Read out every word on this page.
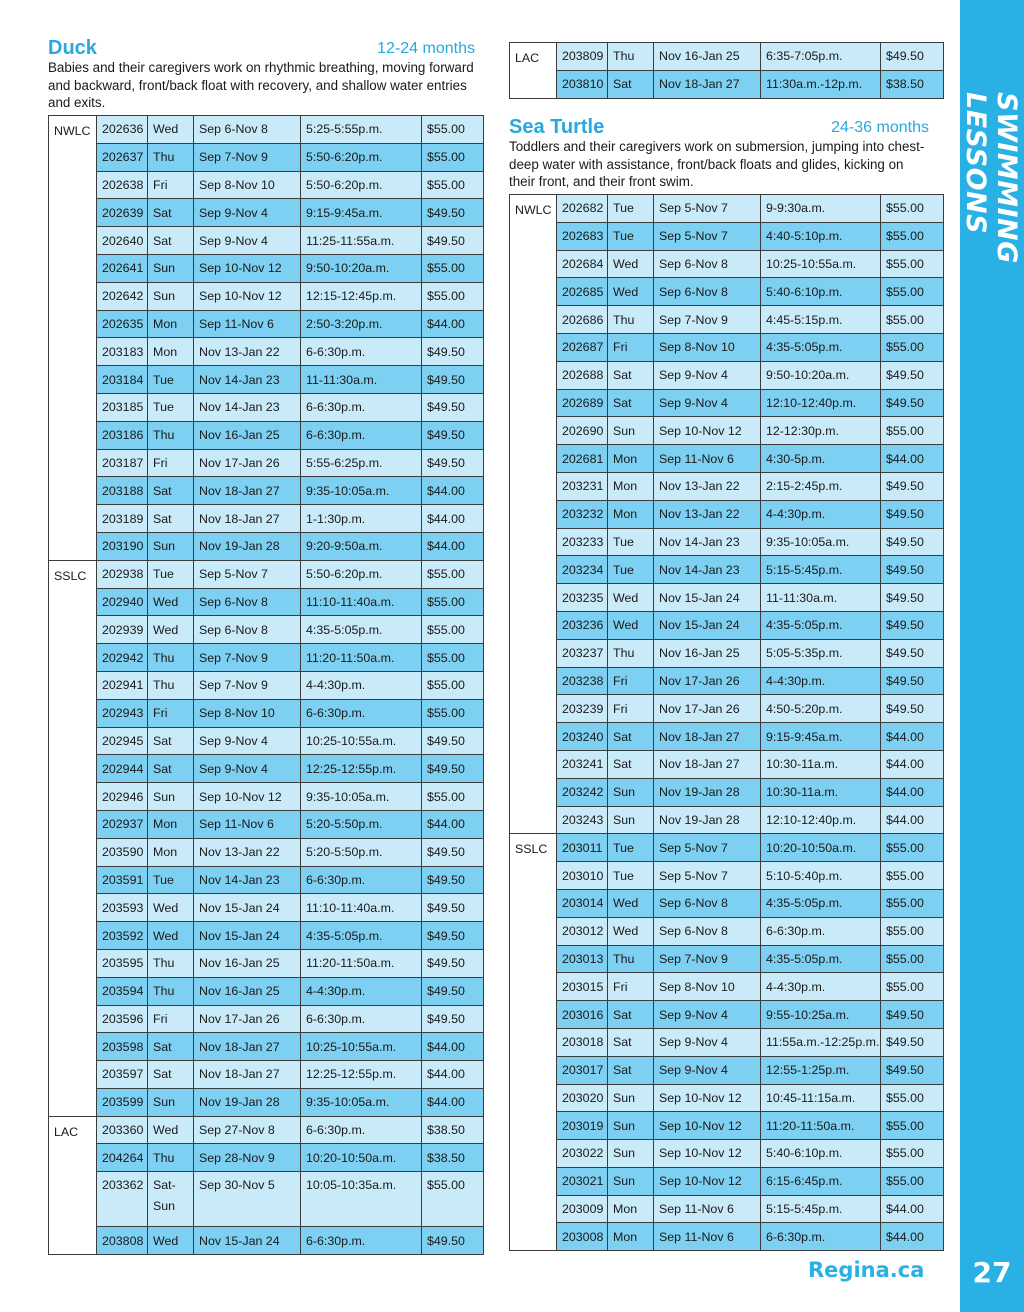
SWIMMING LESSONS
27
Regina.ca
Duck	12-24 months
Babies and their caregivers work on rhythmic breathing, moving forward and backward, front/back float with recovery, and shallow water entries and exits.
NWLC	202636	Wed	Sep 6-Nov 8	5:25-5:55p.m.	$55.00
	202637	Thu	Sep 7-Nov 9	5:50-6:20p.m.	$55.00
	202638	Fri	Sep 8-Nov 10	5:50-6:20p.m.	$55.00
	202639	Sat	Sep 9-Nov 4	9:15-9:45a.m.	$49.50
	202640	Sat	Sep 9-Nov 4	11:25-11:55a.m.	$49.50
	202641	Sun	Sep 10-Nov 12	9:50-10:20a.m.	$55.00
	202642	Sun	Sep 10-Nov 12	12:15-12:45p.m.	$55.00
	202635	Mon	Sep 11-Nov 6	2:50-3:20p.m.	$44.00
	203183	Mon	Nov 13-Jan 22	6-6:30p.m.	$49.50
	203184	Tue	Nov 14-Jan 23	11-11:30a.m.	$49.50
	203185	Tue	Nov 14-Jan 23	6-6:30p.m.	$49.50
	203186	Thu	Nov 16-Jan 25	6-6:30p.m.	$49.50
	203187	Fri	Nov 17-Jan 26	5:55-6:25p.m.	$49.50
	203188	Sat	Nov 18-Jan 27	9:35-10:05a.m.	$44.00
	203189	Sat	Nov 18-Jan 27	1-1:30p.m.	$44.00
	203190	Sun	Nov 19-Jan 28	9:20-9:50a.m.	$44.00
SSLC	202938	Tue	Sep 5-Nov 7	5:50-6:20p.m.	$55.00
	202940	Wed	Sep 6-Nov 8	11:10-11:40a.m.	$55.00
	202939	Wed	Sep 6-Nov 8	4:35-5:05p.m.	$55.00
	202942	Thu	Sep 7-Nov 9	11:20-11:50a.m.	$55.00
	202941	Thu	Sep 7-Nov 9	4-4:30p.m.	$55.00
	202943	Fri	Sep 8-Nov 10	6-6:30p.m.	$55.00
	202945	Sat	Sep 9-Nov 4	10:25-10:55a.m.	$49.50
	202944	Sat	Sep 9-Nov 4	12:25-12:55p.m.	$49.50
	202946	Sun	Sep 10-Nov 12	9:35-10:05a.m.	$55.00
	202937	Mon	Sep 11-Nov 6	5:20-5:50p.m.	$44.00
	203590	Mon	Nov 13-Jan 22	5:20-5:50p.m.	$49.50
	203591	Tue	Nov 14-Jan 23	6-6:30p.m.	$49.50
	203593	Wed	Nov 15-Jan 24	11:10-11:40a.m.	$49.50
	203592	Wed	Nov 15-Jan 24	4:35-5:05p.m.	$49.50
	203595	Thu	Nov 16-Jan 25	11:20-11:50a.m.	$49.50
	203594	Thu	Nov 16-Jan 25	4-4:30p.m.	$49.50
	203596	Fri	Nov 17-Jan 26	6-6:30p.m.	$49.50
	203598	Sat	Nov 18-Jan 27	10:25-10:55a.m.	$44.00
	203597	Sat	Nov 18-Jan 27	12:25-12:55p.m.	$44.00
	203599	Sun	Nov 19-Jan 28	9:35-10:05a.m.	$44.00
LAC	203360	Wed	Sep 27-Nov 8	6-6:30p.m.	$38.50
	204264	Thu	Sep 28-Nov 9	10:20-10:50a.m.	$38.50
	203362	Sat-Sun	Sep 30-Nov 5	10:05-10:35a.m.	$55.00
	203808	Wed	Nov 15-Jan 24	6-6:30p.m.	$49.50
LAC	203809	Thu	Nov 16-Jan 25	6:35-7:05p.m.	$49.50
	203810	Sat	Nov 18-Jan 27	11:30a.m.-12p.m.	$38.50
Sea Turtle	24-36 months
Toddlers and their caregivers work on submersion, jumping into chest-deep water with assistance, front/back floats and glides, kicking on their front, and their front swim.
NWLC	202682	Tue	Sep 5-Nov 7	9-9:30a.m.	$55.00
	202683	Tue	Sep 5-Nov 7	4:40-5:10p.m.	$55.00
	202684	Wed	Sep 6-Nov 8	10:25-10:55a.m.	$55.00
	202685	Wed	Sep 6-Nov 8	5:40-6:10p.m.	$55.00
	202686	Thu	Sep 7-Nov 9	4:45-5:15p.m.	$55.00
	202687	Fri	Sep 8-Nov 10	4:35-5:05p.m.	$55.00
	202688	Sat	Sep 9-Nov 4	9:50-10:20a.m.	$49.50
	202689	Sat	Sep 9-Nov 4	12:10-12:40p.m.	$49.50
	202690	Sun	Sep 10-Nov 12	12-12:30p.m.	$55.00
	202681	Mon	Sep 11-Nov 6	4:30-5p.m.	$44.00
	203231	Mon	Nov 13-Jan 22	2:15-2:45p.m.	$49.50
	203232	Mon	Nov 13-Jan 22	4-4:30p.m.	$49.50
	203233	Tue	Nov 14-Jan 23	9:35-10:05a.m.	$49.50
	203234	Tue	Nov 14-Jan 23	5:15-5:45p.m.	$49.50
	203235	Wed	Nov 15-Jan 24	11-11:30a.m.	$49.50
	203236	Wed	Nov 15-Jan 24	4:35-5:05p.m.	$49.50
	203237	Thu	Nov 16-Jan 25	5:05-5:35p.m.	$49.50
	203238	Fri	Nov 17-Jan 26	4-4:30p.m.	$49.50
	203239	Fri	Nov 17-Jan 26	4:50-5:20p.m.	$49.50
	203240	Sat	Nov 18-Jan 27	9:15-9:45a.m.	$44.00
	203241	Sat	Nov 18-Jan 27	10:30-11a.m.	$44.00
	203242	Sun	Nov 19-Jan 28	10:30-11a.m.	$44.00
	203243	Sun	Nov 19-Jan 28	12:10-12:40p.m.	$44.00
SSLC	203011	Tue	Sep 5-Nov 7	10:20-10:50a.m.	$55.00
	203010	Tue	Sep 5-Nov 7	5:10-5:40p.m.	$55.00
	203014	Wed	Sep 6-Nov 8	4:35-5:05p.m.	$55.00
	203012	Wed	Sep 6-Nov 8	6-6:30p.m.	$55.00
	203013	Thu	Sep 7-Nov 9	4:35-5:05p.m.	$55.00
	203015	Fri	Sep 8-Nov 10	4-4:30p.m.	$55.00
	203016	Sat	Sep 9-Nov 4	9:55-10:25a.m.	$49.50
	203018	Sat	Sep 9-Nov 4	11:55a.m.-12:25p.m.	$49.50
	203017	Sat	Sep 9-Nov 4	12:55-1:25p.m.	$49.50
	203020	Sun	Sep 10-Nov 12	10:45-11:15a.m.	$55.00
	203019	Sun	Sep 10-Nov 12	11:20-11:50a.m.	$55.00
	203022	Sun	Sep 10-Nov 12	5:40-6:10p.m.	$55.00
	203021	Sun	Sep 10-Nov 12	6:15-6:45p.m.	$55.00
	203009	Mon	Sep 11-Nov 6	5:15-5:45p.m.	$44.00
	203008	Mon	Sep 11-Nov 6	6-6:30p.m.	$44.00
